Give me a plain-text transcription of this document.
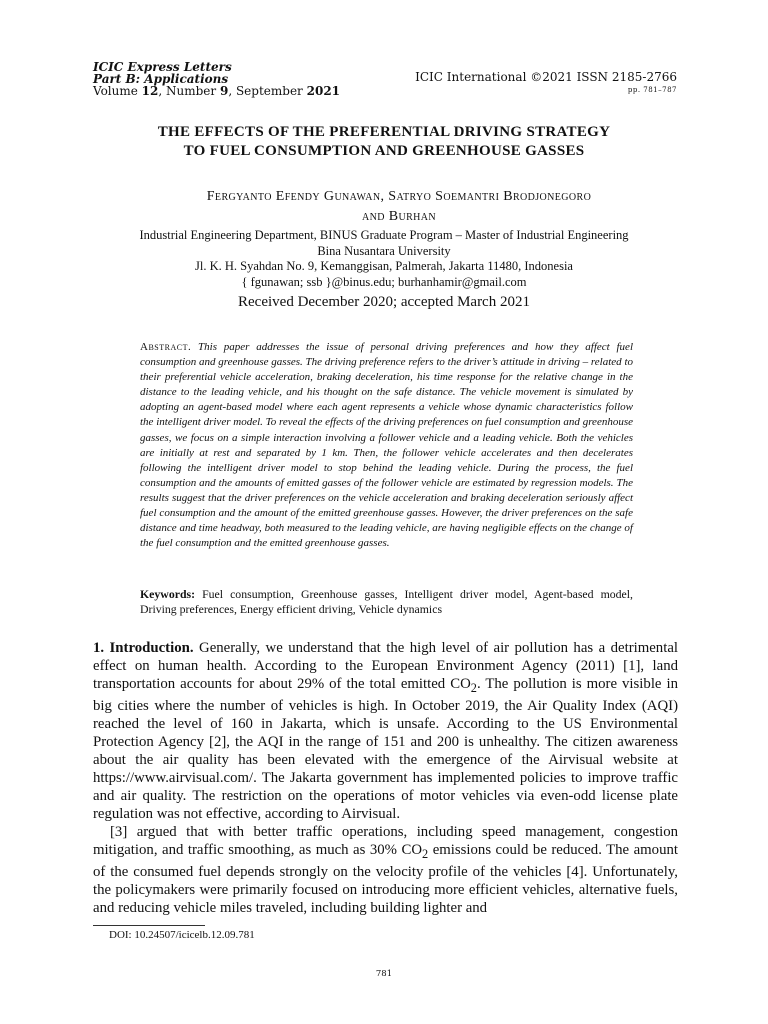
ICIC Express Letters
Part B: Applications
Volume 12, Number 9, September 2021
ICIC International ©2021 ISSN 2185-2766
pp. 781–787
THE EFFECTS OF THE PREFERENTIAL DRIVING STRATEGY
TO FUEL CONSUMPTION AND GREENHOUSE GASSES
Fergyanto Efendy Gunawan, Satryo Soemantri Brodjonegoro
and Burhan
Industrial Engineering Department, BINUS Graduate Program – Master of Industrial Engineering
Bina Nusantara University
Jl. K. H. Syahdan No. 9, Kemanggisan, Palmerah, Jakarta 11480, Indonesia
{ fgunawan; ssb }@binus.edu; burhanhamir@gmail.com
Received December 2020; accepted March 2021
Abstract. This paper addresses the issue of personal driving preferences and how they affect fuel consumption and greenhouse gasses. The driving preference refers to the driver’s attitude in driving – related to their preferential vehicle acceleration, braking deceleration, his time response for the relative change in the distance to the leading vehicle, and his thought on the safe distance. The vehicle movement is simulated by adopting an agent-based model where each agent represents a vehicle whose dynamic characteristics follow the intelligent driver model. To reveal the effects of the driving preferences on fuel consumption and greenhouse gasses, we focus on a simple interaction involving a follower vehicle and a leading vehicle. Both the vehicles are initially at rest and separated by 1 km. Then, the follower vehicle accelerates and then decelerates following the intelligent driver model to stop behind the leading vehicle. During the process, the fuel consumption and the amounts of emitted gasses of the follower vehicle are estimated by regression models. The results suggest that the driver preferences on the vehicle acceleration and braking deceleration seriously affect fuel consumption and the amount of the emitted greenhouse gasses. However, the driver preferences on the safe distance and time headway, both measured to the leading vehicle, are having negligible effects on the change of the fuel consumption and the emitted greenhouse gasses.
Keywords: Fuel consumption, Greenhouse gasses, Intelligent driver model, Agent-based model, Driving preferences, Energy efficient driving, Vehicle dynamics

1. Introduction. Generally, we understand that the high level of air pollution has a detrimental effect on human health. According to the European Environment Agency (2011) [1], land transportation accounts for about 29% of the total emitted $CO_2$. The pollution is more visible in big cities where the number of vehicles is high. In October 2019, the Air Quality Index (AQI) reached the level of 160 in Jakarta, which is unsafe. According to the US Environmental Protection Agency [2], the AQI in the range of 151 and 200 is unhealthy. The citizen awareness about the air quality has been elevated with the emergence of the Airvisual website at https://www.airvisual.com/. The Jakarta government has implemented policies to improve traffic and air quality. The restriction on the operations of motor vehicles via even-odd license plate regulation was not effective, according to Airvisual.

[3] argued that with better traffic operations, including speed management, congestion mitigation, and traffic smoothing, as much as 30% $CO_2$ emissions could be reduced. The amount of the consumed fuel depends strongly on the velocity profile of the vehicles [4]. Unfortunately, the policymakers were primarily focused on introducing more efficient vehicles, alternative fuels, and reducing vehicle miles traveled, including building lighter and

DOI: 10.24507/icicelb.12.09.781
781
